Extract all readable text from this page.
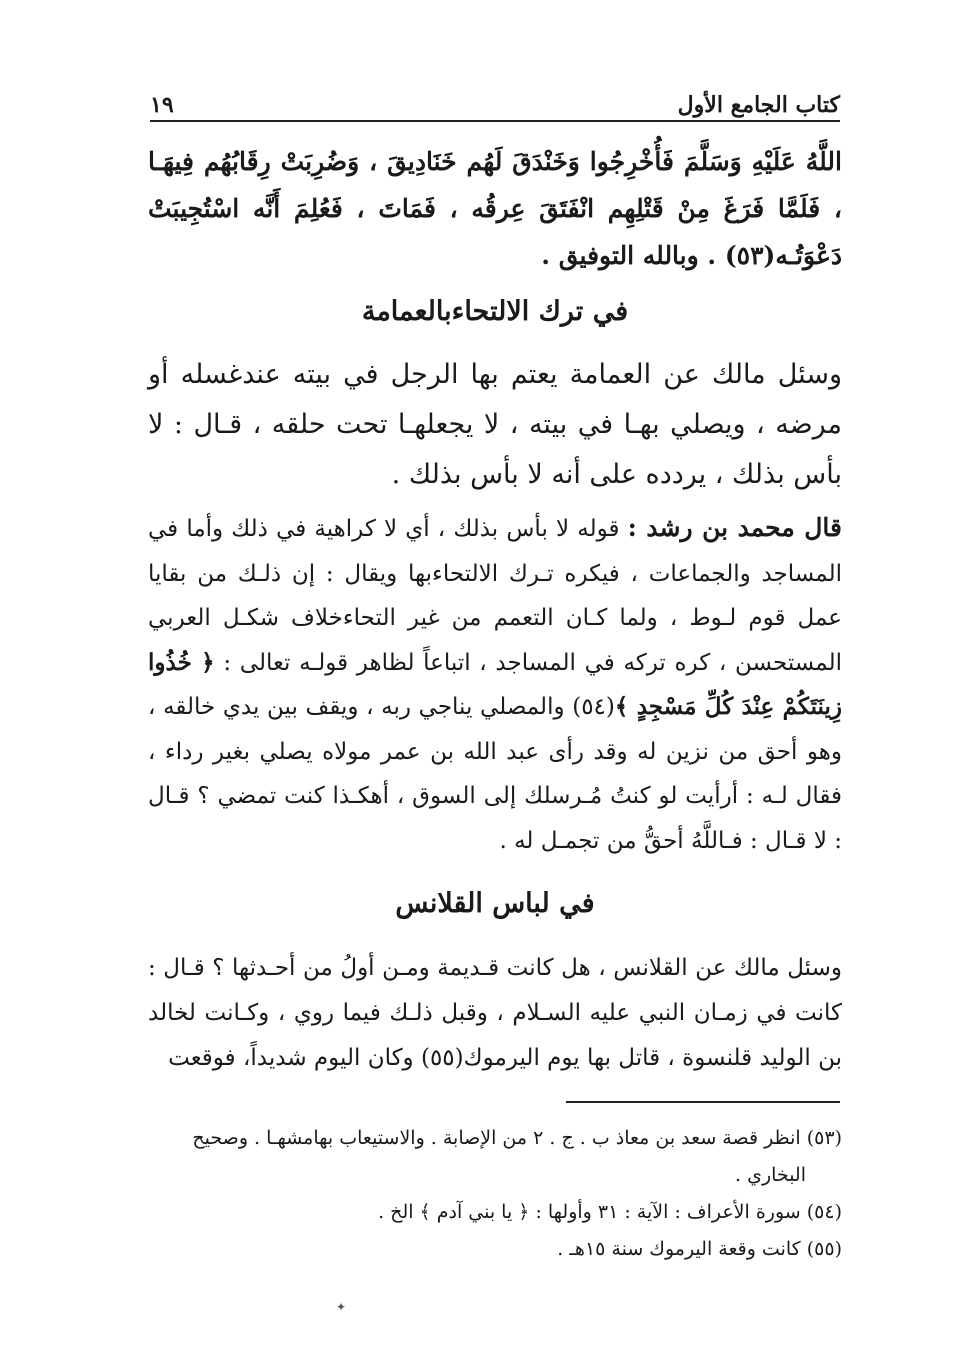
كتاب الجامع الأول
١٩

اللَّهُ عَلَيْهِ وَسَلَّمَ فَأُخْرِجُوا وَخَنْدَقَ لَهُم خَنَادِيقَ ، وَضُرِبَتْ رِقَابُهُم فِيهَـا ، فَلَمَّا فَرَغَ مِنْ قَتْلِهِم انْفَتَقَ عِرقُه ، فَمَاتَ ، فَعُلِمَ أَنَّه اسْتُجِيبَتْ دَعْوَتُـه(٥٣) . وبالله التوفيق .

في ترك الالتحاءبالعمامة

وسئل مالك عن العمامة يعتم بها الرجل في بيته عندغسله أو مرضه ، ويصلي بهـا في بيته ، لا يجعلهـا تحت حلقه ، قـال : لا بأس بذلك ، يردده على أنه لا بأس بذلك .

قال محمد بن رشد : قوله لا بأس بذلك ، أي لا كراهية في ذلك وأما في المساجد والجماعات ، فيكره تـرك الالتحاءبها ويقال : إن ذلـك من بقايا عمل قوم لـوط ، ولما كـان التعمم من غير التحاءخلاف شكـل العربي المستحسن ، كره تركه في المساجد ، اتباعاً لظاهر قولـه تعالى : ﴿ خُذُوا زِينَتَكُمْ عِنْدَ كُلِّ مَسْجِدٍ ﴾(٥٤) والمصلي يناجي ربه ، ويقف بين يدي خالقه ، وهو أحق من نزين له وقد رأى عبد الله بن عمر مولاه يصلي بغير رداء ، فقال لـه : أرأيت لو كنتُ مُـرسلك إلى السوق ، أهكـذا كنت تمضي ؟ قـال : لا قـال : فـاللَّهُ أحقُّ من تجمـل له .

في لباس القلانس

وسئل مالك عن القلانس ، هل كانت قـديمة ومـن أولُ من أحـدثها ؟ قـال : كانت في زمـان النبي عليه السـلام ، وقبل ذلـك فيما روي ، وكـانت لخالد بن الوليد قلنسوة ، قاتل بها يوم اليرموك(٥٥) وكان اليوم شديداً، فوقعت

(٥٣) انظر قصة سعد بن معاذ ب . ج . ٢ من الإصابة . والاستيعاب بهامشهـا . وصحيح

البخاري .

(٥٤) سورة الأعراف : الآية : ٣١ وأولها : ﴿ يا بني آدم ﴾ الخ .

(٥٥) كانت وقعة اليرموك سنة ١٥هـ .

✦
